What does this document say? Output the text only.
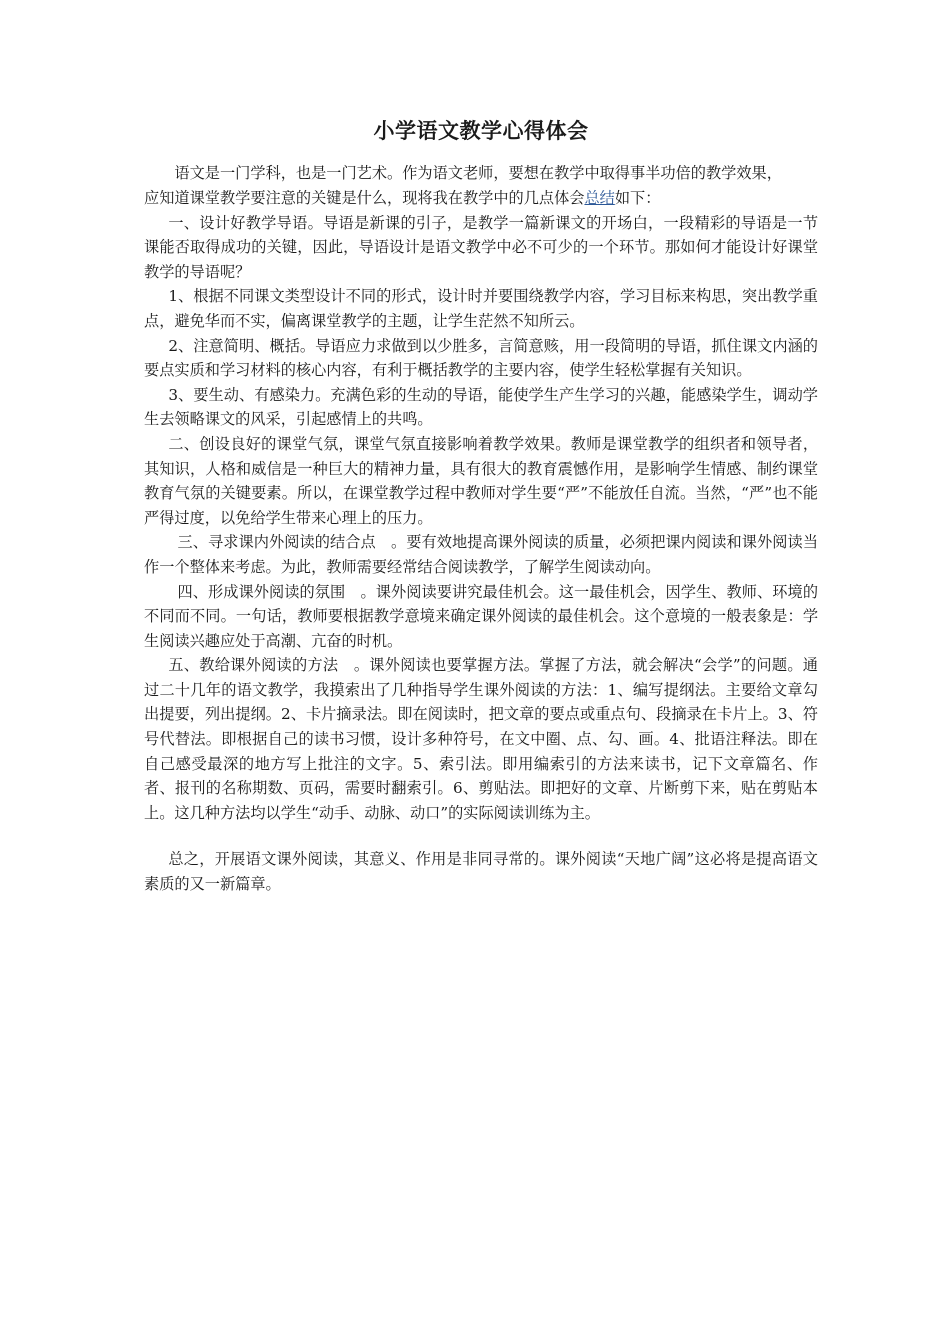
小学语文教学心得体会

语文是一门学科，也是一门艺术。作为语文老师，要想在教学中取得事半功倍的教学效果，

应知道课堂教学要注意的关键是什么，现将我在教学中的几点体会总结如下：

一、设计好教学导语。导语是新课的引子，是教学一篇新课文的开场白，一段精彩的导语是一节课能否取得成功的关键，因此，导语设计是语文教学中必不可少的一个环节。那如何才能设计好课堂教学的导语呢？

1、根据不同课文类型设计不同的形式，设计时并要围绕教学内容，学习目标来构思，突出教学重点，避免华而不实，偏离课堂教学的主题，让学生茫然不知所云。

2、注意简明、概括。导语应力求做到以少胜多，言简意赅，用一段简明的导语，抓住课文内涵的要点实质和学习材料的核心内容，有利于概括教学的主要内容，使学生轻松掌握有关知识。

3、要生动、有感染力。充满色彩的生动的导语，能使学生产生学习的兴趣，能感染学生，调动学生去领略课文的风采，引起感情上的共鸣。

二、创设良好的课堂气氛，课堂气氛直接影响着教学效果。教师是课堂教学的组织者和领导者，其知识，人格和威信是一种巨大的精神力量，具有很大的教育震憾作用，是影响学生情感、制约课堂教育气氛的关键要素。所以，在课堂教学过程中教师对学生要“严”不能放任自流。当然，“严”也不能严得过度，以免给学生带来心理上的压力。

三、寻求课内外阅读的结合点　。要有效地提高课外阅读的质量，必须把课内阅读和课外阅读当作一个整体来考虑。为此，教师需要经常结合阅读教学，了解学生阅读动向。

四、形成课外阅读的氛围　。课外阅读要讲究最佳机会。这一最佳机会，因学生、教师、环境的不同而不同。一句话，教师要根据教学意境来确定课外阅读的最佳机会。这个意境的一般表象是：学生阅读兴趣应处于高潮、亢奋的时机。

五、教给课外阅读的方法　。课外阅读也要掌握方法。掌握了方法，就会解决“会学”的问题。通过二十几年的语文教学，我摸索出了几种指导学生课外阅读的方法：1、编写提纲法。主要给文章勾出提要，列出提纲。2、卡片摘录法。即在阅读时，把文章的要点或重点句、段摘录在卡片上。3、符号代替法。即根据自己的读书习惯，设计多种符号，在文中圈、点、勾、画。4、批语注释法。即在自己感受最深的地方写上批注的文字。5、索引法。即用编索引的方法来读书，记下文章篇名、作者、报刊的名称期数、页码，需要时翻索引。6、剪贴法。即把好的文章、片断剪下来，贴在剪贴本上。这几种方法均以学生“动手、动脉、动口”的实际阅读训练为主。

总之，开展语文课外阅读，其意义、作用是非同寻常的。课外阅读“天地广阔”这必将是提高语文素质的又一新篇章。
